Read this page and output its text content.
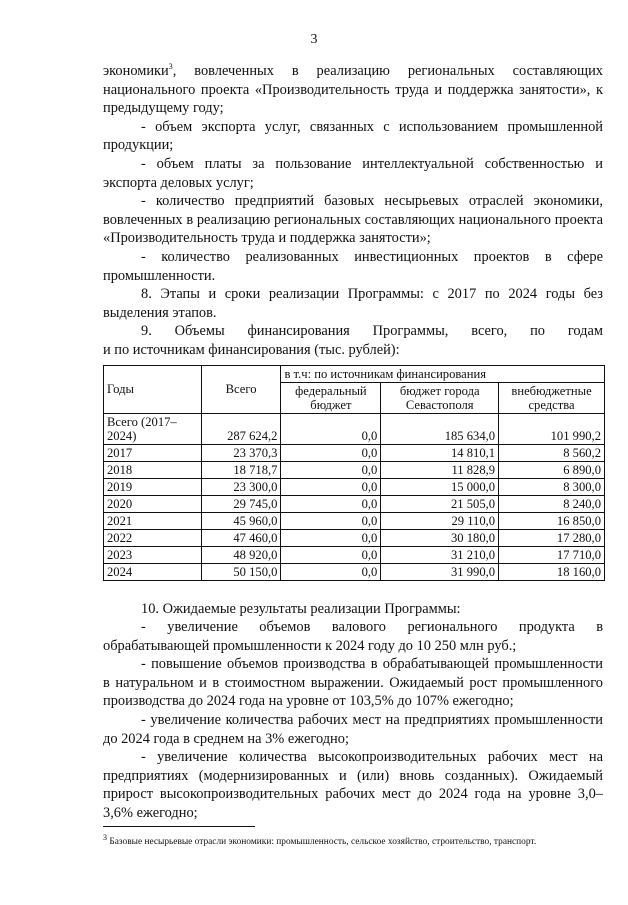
3

экономики$^3$, вовлеченных в реализацию региональных составляющих национального проекта «Производительность труда и поддержка занятости», к предыдущему году;

- объем экспорта услуг, связанных с использованием промышленной продукции;

- объем платы за пользование интеллектуальной собственностью и экспорта деловых услуг;

- количество предприятий базовых несырьевых отраслей экономики, вовлеченных в реализацию региональных составляющих национального проекта «Производительность труда и поддержка занятости»;

- количество реализованных инвестиционных проектов в сфере промышленности.

8. Этапы и сроки реализации Программы: с 2017 по 2024 годы без выделения этапов.

9. Объемы финансирования Программы, всего, по годам

и по источникам финансирования (тыс. рублей):

Годы	Всего	в т.ч: по источникам финансирования		
		федеральный бюджет	бюджет города Севастополя	внебюджетные средства
Всего (2017–2024)	287 624,2	0,0	185 634,0	101 990,2
2017	23 370,3	0,0	14 810,1	8 560,2
2018	18 718,7	0,0	11 828,9	6 890,0
2019	23 300,0	0,0	15 000,0	8 300,0
2020	29 745,0	0,0	21 505,0	8 240,0
2021	45 960,0	0,0	29 110,0	16 850,0
2022	47 460,0	0,0	30 180,0	17 280,0
2023	48 920,0	0,0	31 210,0	17 710,0
2024	50 150,0	0,0	31 990,0	18 160,0

10. Ожидаемые результаты реализации Программы:

- увеличение объемов валового регионального продукта в обрабатывающей промышленности к 2024 году до 10 250 млн руб.;

- повышение объемов производства в обрабатывающей промышленности в натуральном и в стоимостном выражении. Ожидаемый рост промышленного производства до 2024 года на уровне от 103,5% до 107% ежегодно;

- увеличение количества рабочих мест на предприятиях промышленности до 2024 года в среднем на 3% ежегодно;

- увеличение количества высокопроизводительных рабочих мест на предприятиях (модернизированных и (или) вновь созданных). Ожидаемый прирост высокопроизводительных рабочих мест до 2024 года на уровне 3,0–3,6% ежегодно;

$^3$ Базовые несырьевые отрасли экономики: промышленность, сельское хозяйство, строительство, транспорт.
